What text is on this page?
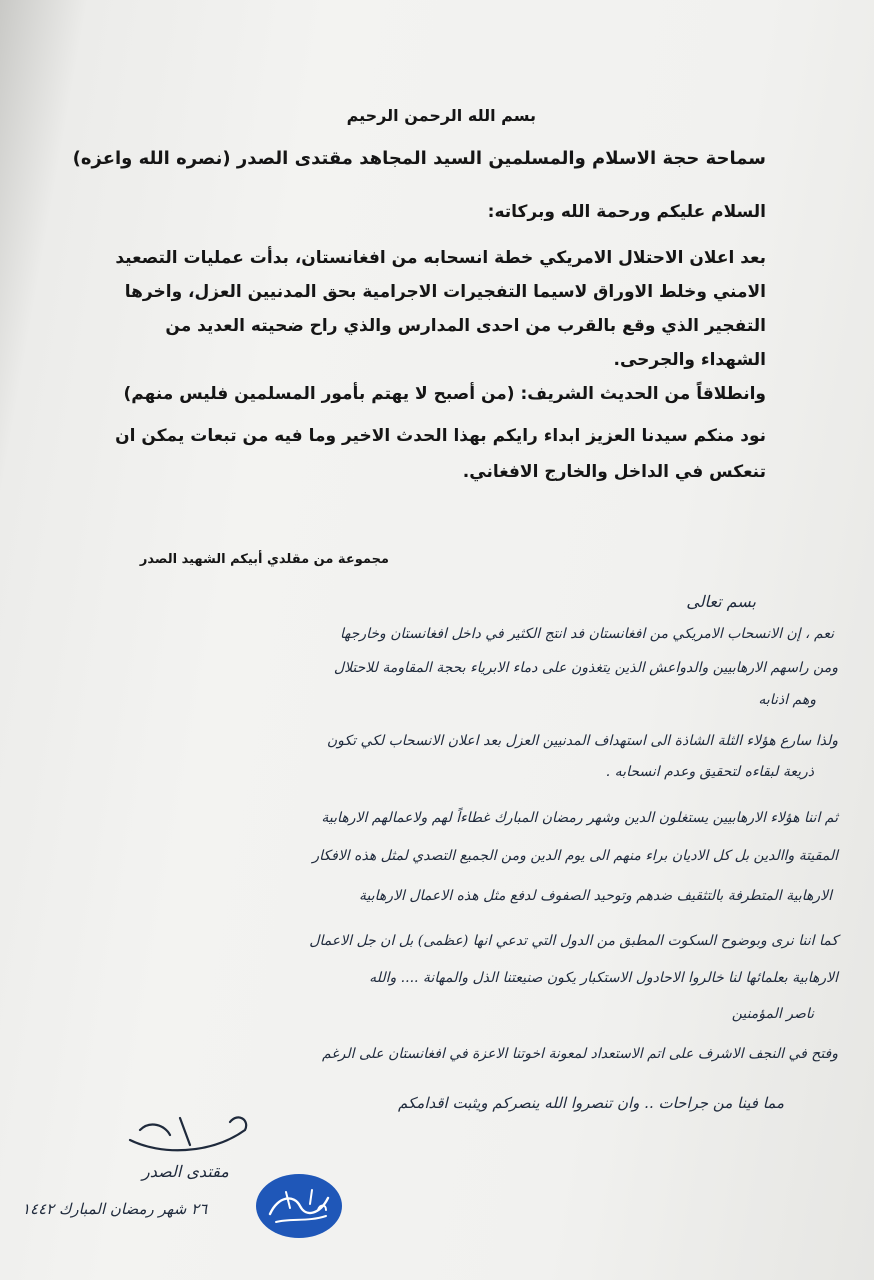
بسم الله الرحمن الرحيم
سماحة حجة الاسلام والمسلمين السيد المجاهد مقتدى الصدر (نصره الله واعزه)
السلام عليكم ورحمة الله وبركاته:
بعد اعلان الاحتلال الامريكي خطة انسحابه من افغانستان، بدأت عمليات التصعيد
الامني وخلط الاوراق لاسيما التفجيرات الاجرامية بحق المدنيين العزل، واخرها
التفجير الذي وقع بالقرب من احدى المدارس والذي راح ضحيته العديد من
الشهداء والجرحى.
وانطلاقاً من الحديث الشريف: (من أصبح لا يهتم بأمور المسلمين فليس منهم)
نود منكم سيدنا العزيز ابداء رايكم بهذا الحدث الاخير وما فيه من تبعات يمكن ان
تنعكس في الداخل والخارج الافغاني.
مجموعة من مقلدي أبيكم الشهيد الصدر
بسم تعالى
نعم ، إن الانسحاب الامريكي من افغانستان فد انتج الكثير في داخل افغانستان وخارجها
ومن راسهم الارهابيين والدواعش الذين يتغذون على دماء الابرياء بحجة المقاومة للاحتلال
وهم اذنابه
ولذا سارع هؤلاء الثلة الشاذة الى استهداف المدنيين العزل بعد اعلان الانسحاب لكي تكون
ذريعة لبقاءه لتحقيق وعدم انسحابه .
ثم اننا هؤلاء الارهابيين يستغلون الدين وشهر رمضان المبارك غطاءاً لهم ولاعمالهم الارهابية
المقيتة واالدين بل كل الاديان براء منهم الى يوم الدين ومن الجميع التصدي لمثل هذه الافكار
الارهابية المتطرفة بالتثقيف ضدهم وتوحيد الصفوف لدفع مثل هذه الاعمال الارهابية
كما اننا نرى وبوضوح السكوت المطبق من الدول التي تدعي انها (عظمى) بل ان جل الاعمال
الارهابية بعلمائها لنا خالروا الاحادول الاستكبار يكون صنيعتنا الذل والمهانة .... والله
ناصر المؤمنين
وفتح في النجف الاشرف على اتم الاستعداد لمعونة اخوتنا الاعزة في افغانستان على الرغم
مما فينا من جراحات .. وان تنصروا الله ينصركم ويثبت اقدامكم
مقتدى الصدر
٢٦ شهر رمضان المبارك ١٤٤٢
